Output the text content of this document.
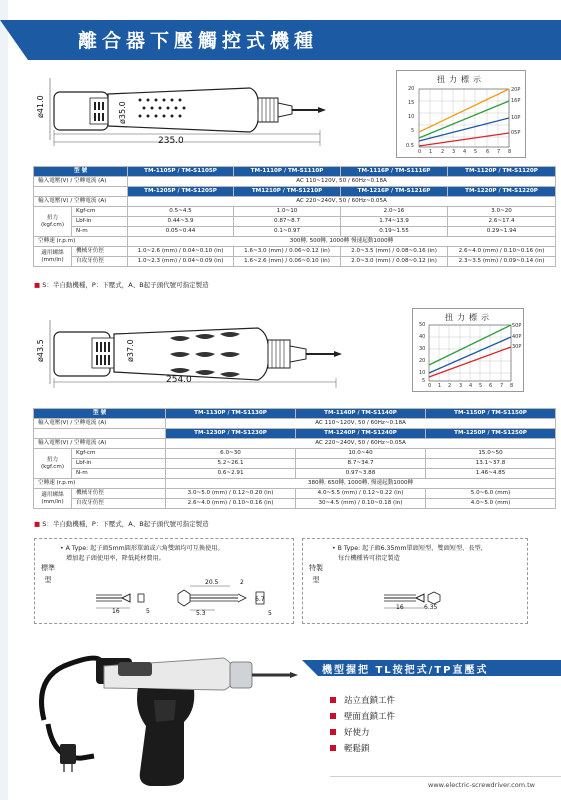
離合器下壓觸控式機種
235.0
ø41.0	ø35.0
扭力標示
20
15
10
5
0.5
0 1 2 3 4 5 6 7 8
20P
16P
10P
05P
型 號		TM-1105P / TM-S1105P	TM-1110P / TM-S1110P	TM-1116P / TM-S1116P	TM-1120P / TM-S1120P
輸入電壓(V) / 空轉電流 (A)		AC 110~120V, 50 / 60Hz~0.18A			
		TM-1205P / TM-S1205P	TM1210P / TM-S1210P	TM-1216P / TM-S1216P	TM-1220P / TM-S1220P
輸入電壓(V) / 空轉電流 (A)		AC 220~240V, 50 / 60Hz~0.05A			
扭力
(kgf.cm)	Kgf-cm	0.5~4.5	1.0~10	2.0~16	3.0~20
	Lbf-in	0.44~3.9	0.87~8.7	1.74~13.9	2.6~17.4
	N-m	0.05~0.44	0.1~0.97	0.19~1.55	0.29~1.94
空轉速 (r.p.m)		300轉, 500轉, 1000轉 慢速起動1000轉			
適用螺絲
(mm/in)	機械牙仿徑	1.0~2.6 (mm) / 0.04~0.10 (in)	1.6~3.0 (mm) / 0.06~0.12 (in)	2.0~3.5 (mm) / 0.08~0.16 (in)	2.6~4.0 (mm) / 0.10~0.16 (in)
	自攻牙仿徑	1.0~2.3 (mm) / 0.04~0.09 (in)	1.6~2.6 (mm) / 0.06~0.10 (in)	2.0~3.0 (mm) / 0.08~0.12 (in)	2.3~3.5 (mm) / 0.09~0.14 (in)
■ S：半自動機種，P：下壓式，A、B起子頭代號可指定製造
254.0
ø43.5	ø37.0
扭力標示
50
40
30
20
10
5
0 1 2 3 4 5 6 7 8
50P
40P
30P
型 號		TM-1130P / TM-S1130P	TM-1140P / TM-S1140P	TM-1150P / TM-S1150P
輸入電壓(V) / 空轉電流 (A)		AC 110~120V, 50 / 60Hz~0.18A		
		TM-1230P / TM-S1230P	TM-1240P / TM-S1240P	TM-1250P / TM-S1250P
輸入電壓(V) / 空轉電流 (A)		AC 220~240V, 50 / 60Hz~0.05A		
扭力
(kgf.cm)	Kgf-cm	6.0~30	10.0~40	15.0~50
	Lbf-in	5.2~26.1	8.7~34.7	13.1~37.8
	N-m	0.6~2.91	0.97~3.88	1.46~4.85
空轉速 (r.p.m)		380轉, 650轉, 1000轉, 慢速起動1000轉		
適用螺絲
(mm/in)	機械牙仿徑	3.0~5.0 (mm) / 0.12~0.20 (in)	4.0~5.5 (mm) / 0.12~0.22 (in)	5.0~6.0 (mm)
	自攻牙仿徑	2.6~4.0 (mm) / 0.10~0.16 (in)	30~4.5 (mm) / 0.10~0.18 (in)	4.0~5.0 (mm)
■ S：半自動機種，P：下壓式，A、B起子頭代號可指定製造
標準型
特製型
• A Type: 起子頭5mm圓形單頭或六角雙頭均可互換使用。
增加起子頭使用率，降低耗材費用。
• B Type: 起子頭6.35mm單頭短型、雙頭短型、長型，
每台機種皆可指定製造
20.5	2
16	5	5.3
6.7
5
16	6.35
機型握把 TL按把式/TP直壓式
站立直鎖工件
壁面直鎖工件
好使力
輕鬆鎖
www.electric-screwdriver.com.tw
